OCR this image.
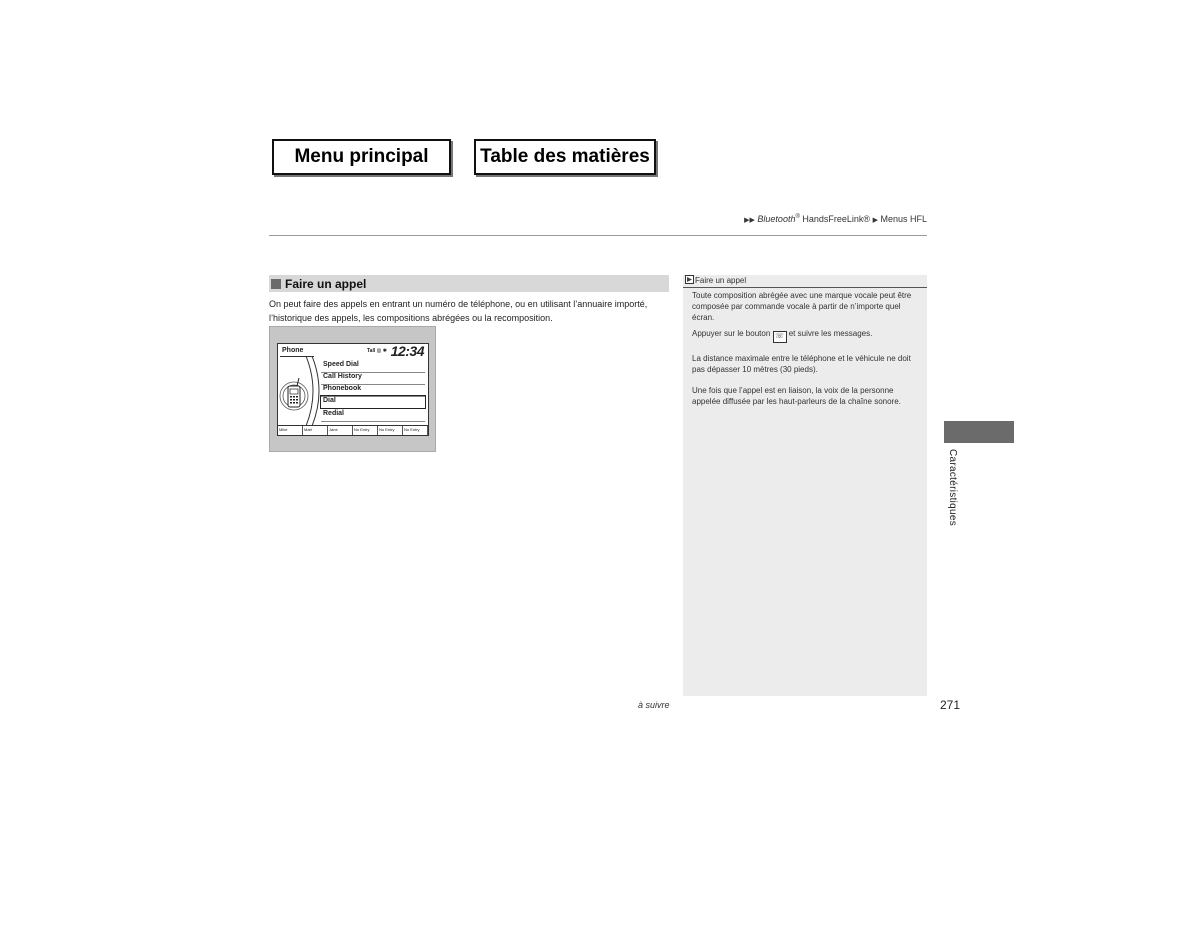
Menu principal	Table des matières
▶▶ Bluetooth® HandsFreeLink® ▶ Menus HFL
Faire un appel

On peut faire des appels en entrant un numéro de téléphone, ou en utilisant l’annuaire importé, l’historique des appels, les compositions abrégées ou la recomposition.

Phone	Tall ▥ ✱ 12:34
Speed Dial
Call History
Phonebook
Dial
Redial
Mike	Matt	Jane	No Entry	No Entry	No Entry
Faire un appel

Toute composition abrégée avec une marque vocale peut être composée par commande vocale à partir de n’importe quel écran.

Appuyer sur le bouton ☏ et suivre les messages.

La distance maximale entre le téléphone et le véhicule ne doit pas dépasser 10 mètres (30 pieds).

Une fois que l’appel est en liaison, la voix de la personne appelée diffusée par les haut-parleurs de la chaîne sonore.

à suivre	271
Caractéristiques
